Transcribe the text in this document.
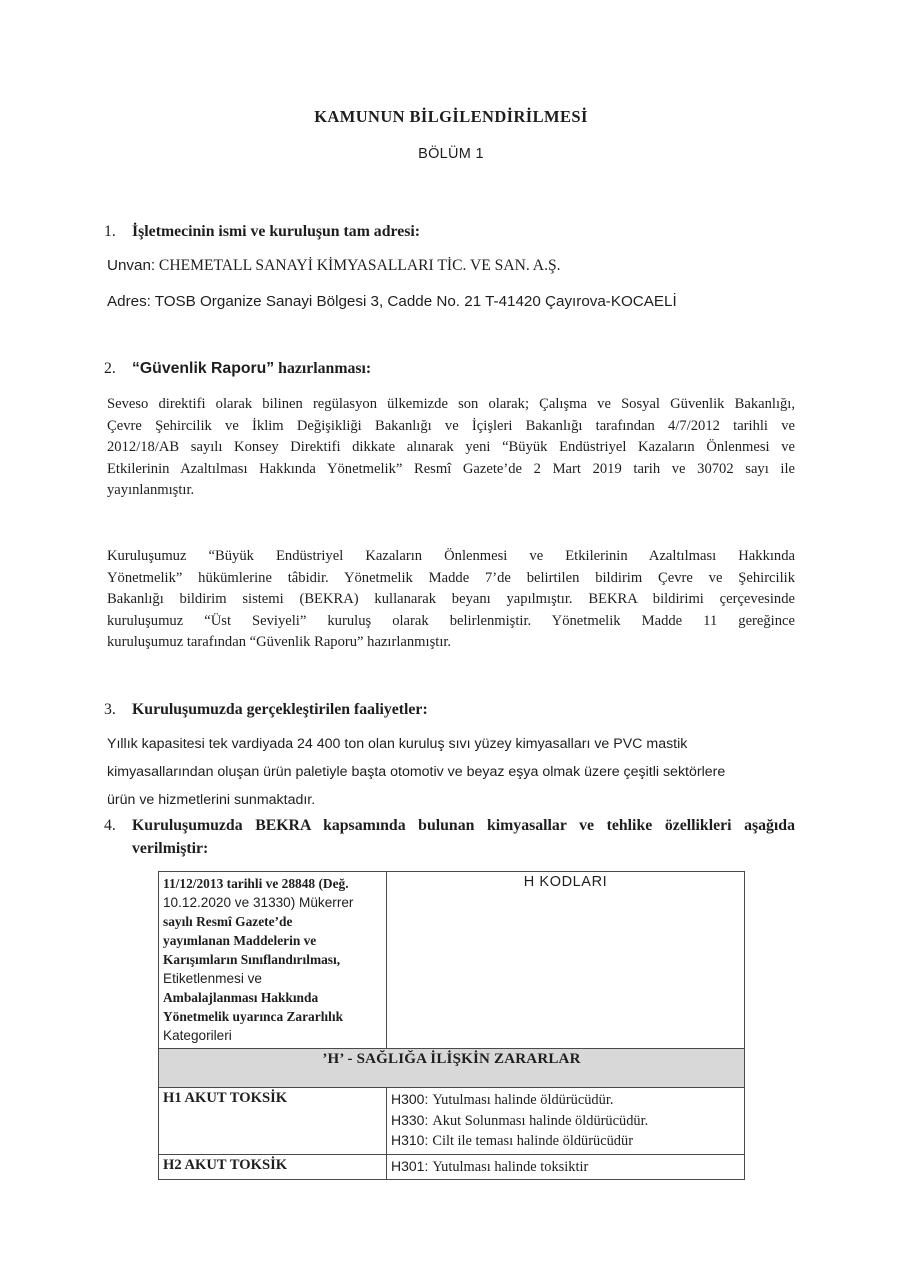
KAMUNUN BİLGİLENDİRİLMESİ
BÖLÜM 1
1.	İşletmecinin ismi ve kuruluşun tam adresi:
Unvan: CHEMETALL SANAYİ KİMYASALLARI TİC. VE SAN. A.Ş.
Adres: TOSB Organize Sanayi Bölgesi 3, Cadde No. 21 T-41420 Çayırova-KOCAELİ
2.	“Güvenlik Raporu” hazırlanması:
Seveso direktifi olarak bilinen regülasyon ülkemizde son olarak; Çalışma ve Sosyal Güvenlik Bakanlığı,
Çevre Şehircilik ve İklim Değişikliği Bakanlığı ve İçişleri Bakanlığı tarafından 4/7/2012 tarihli ve
2012/18/AB sayılı Konsey Direktifi dikkate alınarak yeni “Büyük Endüstriyel Kazaların Önlenmesi ve
Etkilerinin Azaltılması Hakkında Yönetmelik” Resmî Gazete’de 2 Mart 2019 tarih ve 30702 sayı ile
yayınlanmıştır.
Kuruluşumuz “Büyük Endüstriyel Kazaların Önlenmesi ve Etkilerinin Azaltılması Hakkında
Yönetmelik” hükümlerine tâbidir. Yönetmelik Madde 7’de belirtilen bildirim Çevre ve Şehircilik
Bakanlığı bildirim sistemi (BEKRA) kullanarak beyanı yapılmıştır. BEKRA bildirimi çerçevesinde
kuruluşumuz “Üst Seviyeli” kuruluş olarak belirlenmiştir. Yönetmelik Madde 11 gereğince
kuruluşumuz tarafından “Güvenlik Raporu” hazırlanmıştır.
3.	Kuruluşumuzda gerçekleştirilen faaliyetler:
Yıllık kapasitesi tek vardiyada 24 400 ton olan kuruluş sıvı yüzey kimyasalları ve PVC mastik
kimyasallarından oluşan ürün paletiyle başta otomotiv ve beyaz eşya olmak üzere çeşitli sektörlere
ürün ve hizmetlerini sunmaktadır.
4.	Kuruluşumuzda BEKRA kapsamında bulunan kimyasallar ve tehlike özellikleri aşağıda
verilmiştir:
11/12/2013 tarihli ve 28848 (Değ.
10.12.2020 ve 31330) Mükerrer
sayılı Resmî Gazete’de
yayımlanan Maddelerin ve
Karışımların Sınıflandırılması,
Etiketlenmesi ve
Ambalajlanması Hakkında
Yönetmelik uyarınca Zararlılık
Kategorileri
	H KODLARI
’H’ - SAĞLIĞA İLİŞKİN ZARARLAR	
H1 AKUT TOKSİK	H300: Yutulması halinde öldürücüdür.
H330: Akut Solunması halinde öldürücüdür.
H310: Cilt ile teması halinde öldürücüdür

H2 AKUT TOKSİK	H301: Yutulması halinde toksiktir
